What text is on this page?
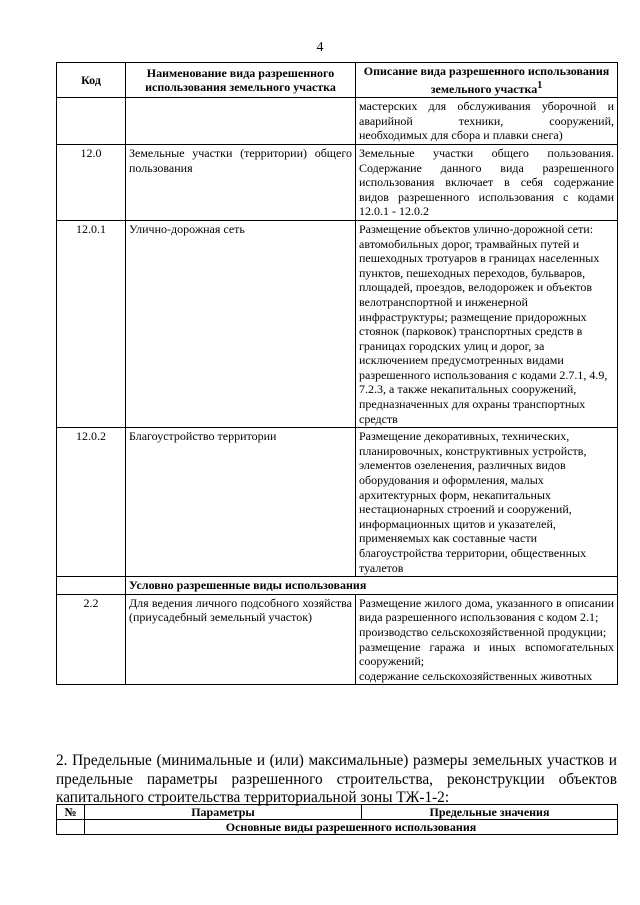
4
Код	Наименование вида разрешенного использования земельного участка	Описание вида разрешенного использования земельного участка$^1$

		мастерских для обслуживания уборочной и
аварийной техники, сооружений,
необходимых для сбора и плавки снега)

12.0	Земельные участки (территории) общего пользования	Земельные участки общего пользования. Содержание данного вида разрешенного использования включает в себя содержание видов разрешенного использования с кодами 12.0.1 - 12.0.2
12.0.1	Улично-дорожная сеть	Размещение объектов улично-дорожной сети: автомобильных дорог, трамвайных путей и пешеходных тротуаров в границах населенных пунктов, пешеходных переходов, бульваров, площадей, проездов, велодорожек и объектов велотранспортной и инженерной инфраструктуры; размещение придорожных стоянок (парковок) транспортных средств в границах городских улиц и дорог, за исключением предусмотренных видами разрешенного использования с кодами 2.7.1, 4.9, 7.2.3, а также некапитальных сооружений, предназначенных для охраны транспортных средств
12.0.2	Благоустройство территории	Размещение декоративных, технических, планировочных, конструктивных устройств, элементов озеленения, различных видов оборудования и оформления, малых архитектурных форм, некапитальных нестационарных строений и сооружений, информационных щитов и указателей, применяемых как составные части благоустройства территории, общественных туалетов
	Условно разрешенные виды использования	
2.2	Для ведения личного подсобного хозяйства (приусадебный земельный участок)	Размещение жилого дома, указанного в описании вида разрешенного использования с кодом 2.1;
производство сельскохозяйственной продукции;
размещение гаража и иных вспомогательных сооружений;
содержание сельскохозяйственных животных
2. Предельные (минимальные и (или) максимальные) размеры земельных участков и
предельные параметры разрешенного строительства, реконструкции объектов
капитального строительства территориальной зоны ТЖ-1-2:
№	Параметры	Предельные значения
	Основные виды разрешенного использования	
